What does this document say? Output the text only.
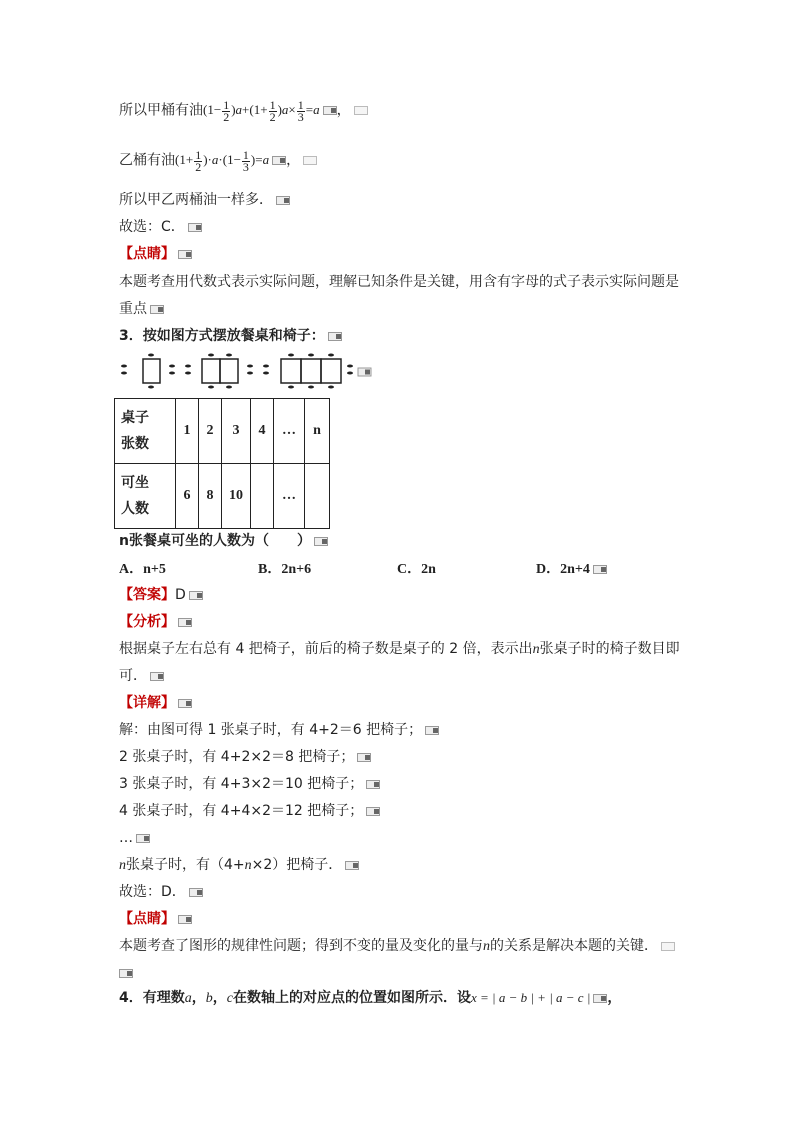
所以甲桶有油$(1- \frac{1}{2} )a+(1+ \frac{1}{2} )a\times \frac{1}{3} =a$ ，
乙桶有油$(1+ \frac{1}{2} )\cdot a\cdot(1- \frac{1}{3} )=a$ ，
所以甲乙两桶油一样多．
故选：C．
【点睛】
本题考查用代数式表示实际问题，理解已知条件是关键，用含有字母的式子表示实际问题是
重点
3．按如图方式摆放餐桌和椅子：
桌子
张数	1	2	3	4	…	n
可坐
人数	6	8	10		…	
n张餐桌可坐的人数为（　　）
A．n+5	B．2n+6	C．2n	D．2n+4
【答案】D
【分析】
根据桌子左右总有 4 把椅子，前后的椅子数是桌子的 2 倍，表示出n张桌子时的椅子数目即
可．
【详解】
解：由图可得 1 张桌子时，有 4+2＝6 把椅子；
2 张桌子时，有 4+2×2＝8 把椅子；
3 张桌子时，有 4+3×2＝10 把椅子；
4 张桌子时，有 4+4×2＝12 把椅子；
…
n张桌子时，有（4+n×2）把椅子．
故选：D．
【点睛】
本题考查了图形的规律性问题；得到不变的量及变化的量与n的关系是解决本题的关键．
4．有理数a，b，c在数轴上的对应点的位置如图所示．设x = | a − b | + | a − c | ，
